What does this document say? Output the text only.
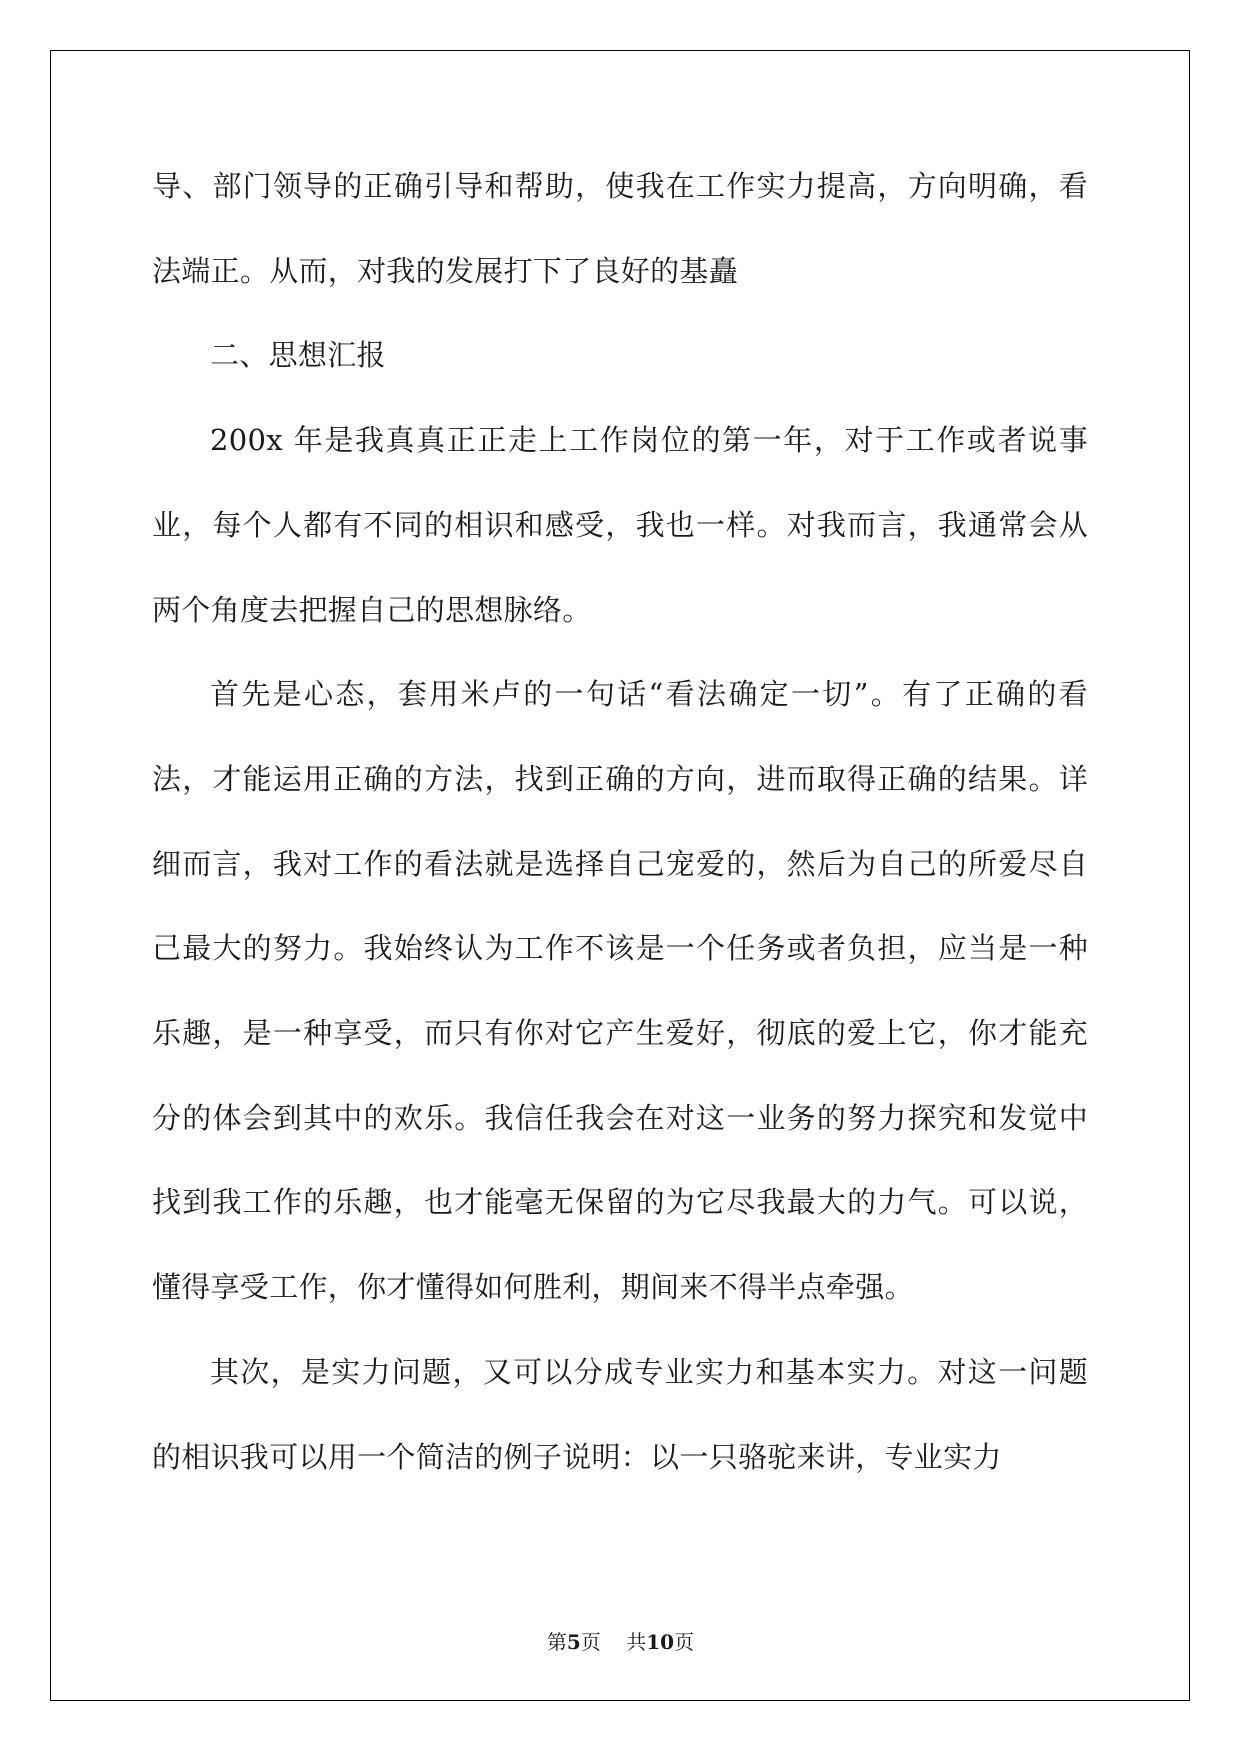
导、部门领导的正确引导和帮助，使我在工作实力提高，方向明确，看法端正。从而，对我的发展打下了良好的基矗

二、思想汇报

200x 年是我真真正正走上工作岗位的第一年，对于工作或者说事业，每个人都有不同的相识和感受，我也一样。对我而言，我通常会从两个角度去把握自己的思想脉络。

首先是心态，套用米卢的一句话“看法确定一切”。有了正确的看法，才能运用正确的方法，找到正确的方向，进而取得正确的结果。详细而言，我对工作的看法就是选择自己宠爱的，然后为自己的所爱尽自己最大的努力。我始终认为工作不该是一个任务或者负担，应当是一种乐趣，是一种享受，而只有你对它产生爱好，彻底的爱上它，你才能充分的体会到其中的欢乐。我信任我会在对这一业务的努力探究和发觉中找到我工作的乐趣，也才能毫无保留的为它尽我最大的力气。可以说，懂得享受工作，你才懂得如何胜利，期间来不得半点牵强。

其次，是实力问题，又可以分成专业实力和基本实力。对这一问题的相识我可以用一个简洁的例子说明：以一只骆驼来讲，专业实力

第5页    共10页
